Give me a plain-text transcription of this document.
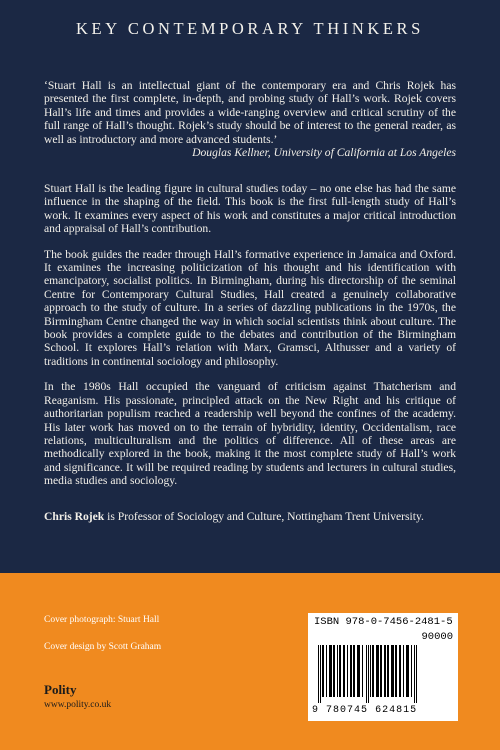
KEY CONTEMPORARY THINKERS
‘Stuart Hall is an intellectual giant of the contemporary era and Chris Rojek has presented the first complete, in-depth, and probing study of Hall’s work. Rojek covers Hall’s life and times and provides a wide-ranging overview and critical scrutiny of the full range of Hall’s thought. Rojek’s study should be of interest to the general reader, as well as introductory and more advanced students.’
Douglas Kellner, University of California at Los Angeles

Stuart Hall is the leading figure in cultural studies today – no one else has had the same influence in the shaping of the field. This book is the first full-length study of Hall’s work. It examines every aspect of his work and constitutes a major critical introduction and appraisal of Hall’s contribution.

The book guides the reader through Hall’s formative experience in Jamaica and Oxford. It examines the increasing politicization of his thought and his identification with emancipatory, socialist politics. In Birmingham, during his directorship of the seminal Centre for Contemporary Cultural Studies, Hall created a genuinely collaborative approach to the study of culture. In a series of dazzling publications in the 1970s, the Birmingham Centre changed the way in which social scientists think about culture. The book provides a complete guide to the debates and contribution of the Birmingham School. It explores Hall’s relation with Marx, Gramsci, Althusser and a variety of traditions in continental sociology and philosophy.

In the 1980s Hall occupied the vanguard of criticism against Thatcherism and Reaganism. His passionate, principled attack on the New Right and his critique of authoritarian populism reached a readership well beyond the confines of the academy. His later work has moved on to the terrain of hybridity, identity, Occidentalism, race relations, multiculturalism and the politics of difference. All of these areas are methodically explored in the book, making it the most complete study of Hall’s work and significance. It will be required reading by students and lecturers in cultural studies, media studies and sociology.

Chris Rojek is Professor of Sociology and Culture, Nottingham Trent University.

Cover photograph: Stuart Hall
Cover design by Scott Graham
Polity
www.polity.co.uk
ISBN 978-0-7456-2481-5
90000
9 780745 624815
